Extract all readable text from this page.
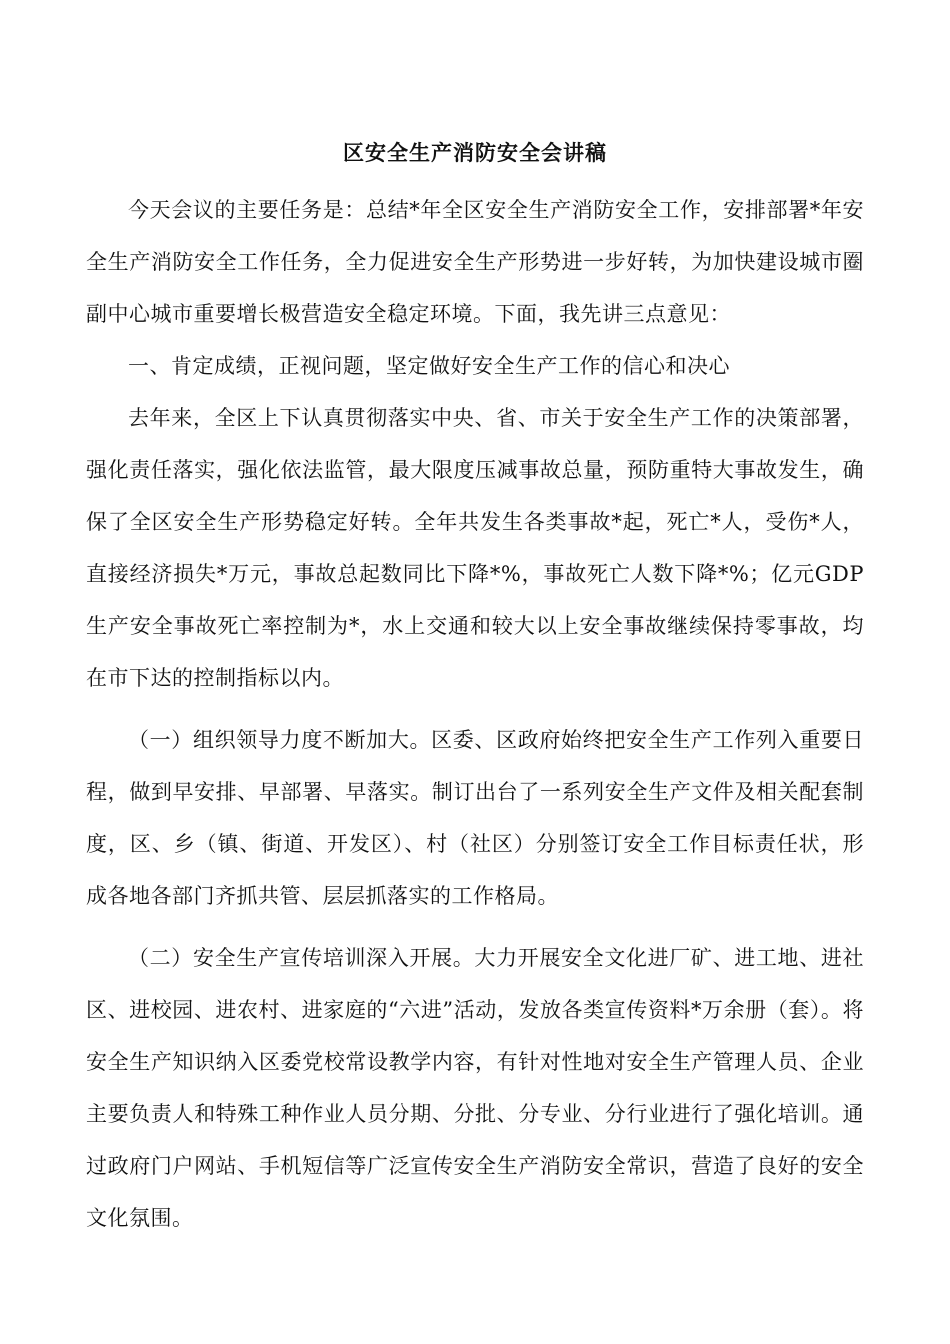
区安全生产消防安全会讲稿

今天会议的主要任务是：总结*年全区安全生产消防安全工作，安排部署*年安全生产消防安全工作任务，全力促进安全生产形势进一步好转，为加快建设城市圈副中心城市重要增长极营造安全稳定环境。下面，我先讲三点意见：

一、肯定成绩，正视问题，坚定做好安全生产工作的信心和决心

去年来，全区上下认真贯彻落实中央、省、市关于安全生产工作的决策部署，强化责任落实，强化依法监管，最大限度压减事故总量，预防重特大事故发生，确保了全区安全生产形势稳定好转。全年共发生各类事故*起，死亡*人，受伤*人，直接经济损失*万元，事故总起数同比下降*%，事故死亡人数下降*%；亿元GDP生产安全事故死亡率控制为*，水上交通和较大以上安全事故继续保持零事故，均在市下达的控制指标以内。

（一）组织领导力度不断加大。区委、区政府始终把安全生产工作列入重要日程，做到早安排、早部署、早落实。制订出台了一系列安全生产文件及相关配套制度，区、乡（镇、街道、开发区）、村（社区）分别签订安全工作目标责任状，形成各地各部门齐抓共管、层层抓落实的工作格局。

（二）安全生产宣传培训深入开展。大力开展安全文化进厂矿、进工地、进社区、进校园、进农村、进家庭的“六进”活动，发放各类宣传资料*万余册（套）。将安全生产知识纳入区委党校常设教学内容，有针对性地对安全生产管理人员、企业主要负责人和特殊工种作业人员分期、分批、分专业、分行业进行了强化培训。通过政府门户网站、手机短信等广泛宣传安全生产消防安全常识，营造了良好的安全文化氛围。
